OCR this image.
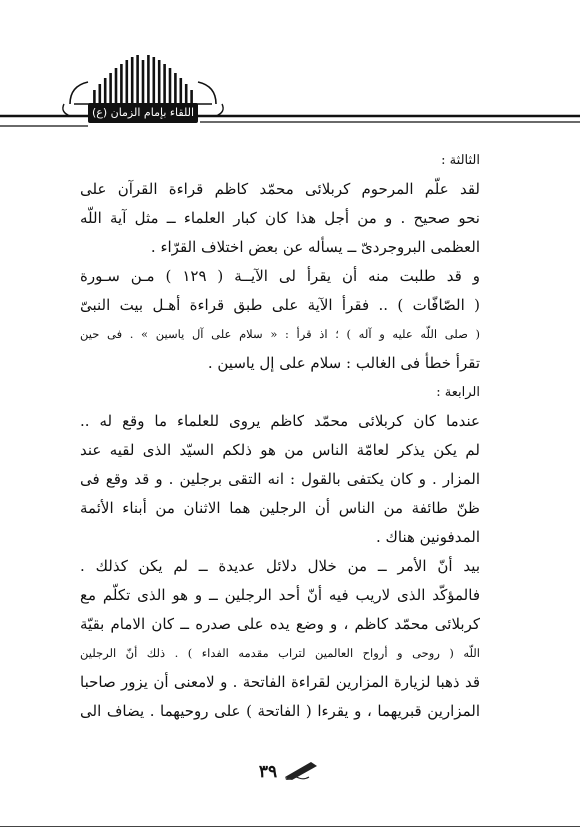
اللقاء بإمام الزمان (ع)
الثالثة :
لقد علّم المرحوم كربلائى محمّد كاظم قراءة القرآن على
نحو صحيح . و من أجل هذا كان كبار العلماء ــ مثل آية اللّه
العظمى البروجردىّ ــ يسأله عن بعض اختلاف القرّاء .
و قد طلبت منه أن يقرأ لى الآيــة ( ١٢٩ ) مـن سـورة
( الصّافّات ) .. فقرأ الآية على طبق قراءة أهـل بيت النبىّ
( صلى اللّه عليه و آله ) ؛ اذ قرأ : « سلام على آل ياسين » . فى حين
تقرأ خطأ فى الغالب : سلام على إل ياسين .
الرابعة :
عندما كان كربلائى محمّد كاظم يروى للعلماء ما وقع له ..
لم يكن يذكر لعامّة الناس من هو ذلكم السيّد الذى لقيه عند
المزار . و كان يكتفى بالقول : انه التقى برجلين . و قد وقع فى
ظنّ طائفة من الناس أن الرجلين هما الاثنان من أبناء الأئمة
المدفونين هناك .
بيد أنّ الأمر ــ من خلال دلائل عديدة ــ لم يكن كذلك .
فالمؤكّد الذى لاريب فيه أنّ أحد الرجلين ــ و هو الذى تكلّم مع
كربلائى محمّد كاظم ، و وضع يده على صدره ــ كان الامام بقيّة
اللّه ( روحى و أرواح العالمين لتراب مقدمه الفداء ) . ذلك أنّ الرجلين
قد ذهبا لزيارة المزارين لقراءة الفاتحة . و لامعنى أن يزور صاحبا
المزارين قبريهما ، و يقرءا ( الفاتحة ) على روحيهما . يضاف الى
٣٩
